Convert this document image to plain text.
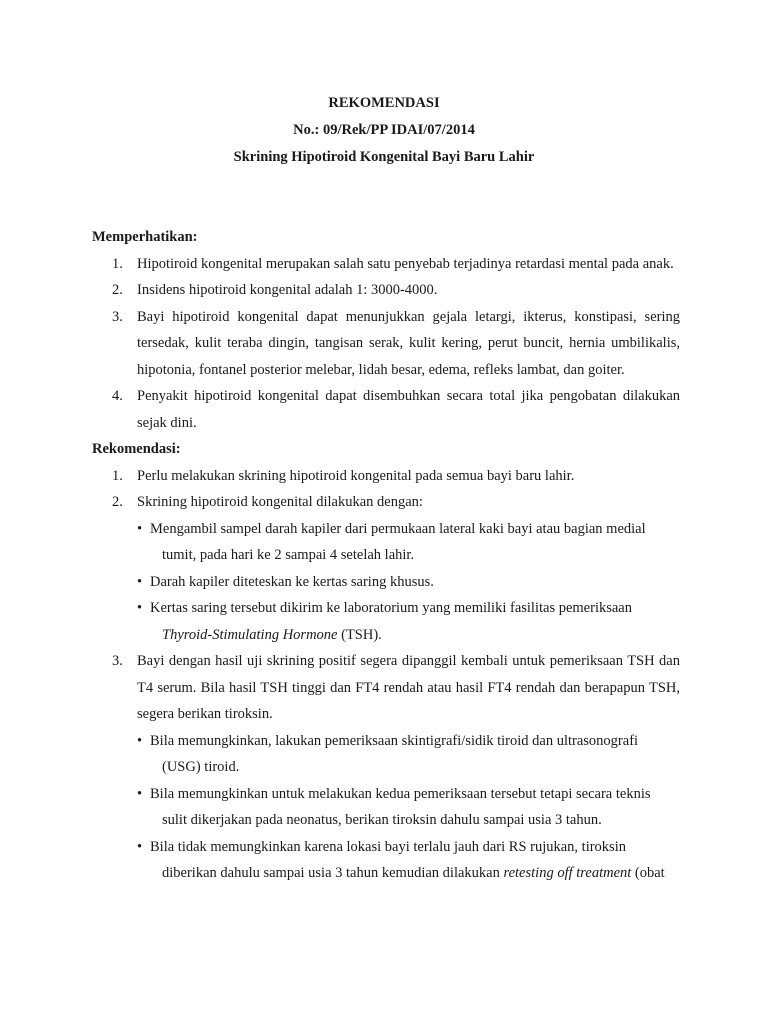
REKOMENDASI
No.: 09/Rek/PP IDAI/07/2014
Skrining Hipotiroid Kongenital Bayi Baru Lahir
Memperhatikan:
1. Hipotiroid kongenital merupakan salah satu penyebab terjadinya retardasi mental pada anak.
2. Insidens hipotiroid kongenital adalah 1: 3000-4000.
3. Bayi hipotiroid kongenital dapat menunjukkan gejala letargi, ikterus, konstipasi, sering tersedak, kulit teraba dingin, tangisan serak, kulit kering, perut buncit, hernia umbilikalis, hipotonia, fontanel posterior melebar, lidah besar, edema, refleks lambat, dan goiter.
4. Penyakit hipotiroid kongenital dapat disembuhkan secara total jika pengobatan dilakukan sejak dini.
Rekomendasi:
1. Perlu melakukan skrining hipotiroid kongenital pada semua bayi baru lahir.
2. Skrining hipotiroid kongenital dilakukan dengan:
• Mengambil sampel darah kapiler dari permukaan lateral kaki bayi atau bagian medial
tumit, pada hari ke 2 sampai 4 setelah lahir.
• Darah kapiler diteteskan ke kertas saring khusus.
• Kertas saring tersebut dikirim ke laboratorium yang memiliki fasilitas pemeriksaan
Thyroid-Stimulating Hormone (TSH).
3. Bayi dengan hasil uji skrining positif segera dipanggil kembali untuk pemeriksaan TSH dan T4 serum. Bila hasil TSH tinggi dan FT4 rendah atau hasil FT4 rendah dan berapapun TSH, segera berikan tiroksin.
• Bila memungkinkan, lakukan pemeriksaan skintigrafi/sidik tiroid dan ultrasonografi
(USG) tiroid.
• Bila memungkinkan untuk melakukan kedua pemeriksaan tersebut tetapi secara teknis
sulit dikerjakan pada neonatus, berikan tiroksin dahulu sampai usia 3 tahun.
• Bila tidak memungkinkan karena lokasi bayi terlalu jauh dari RS rujukan, tiroksin
diberikan dahulu sampai usia 3 tahun kemudian dilakukan retesting off treatment (obat
